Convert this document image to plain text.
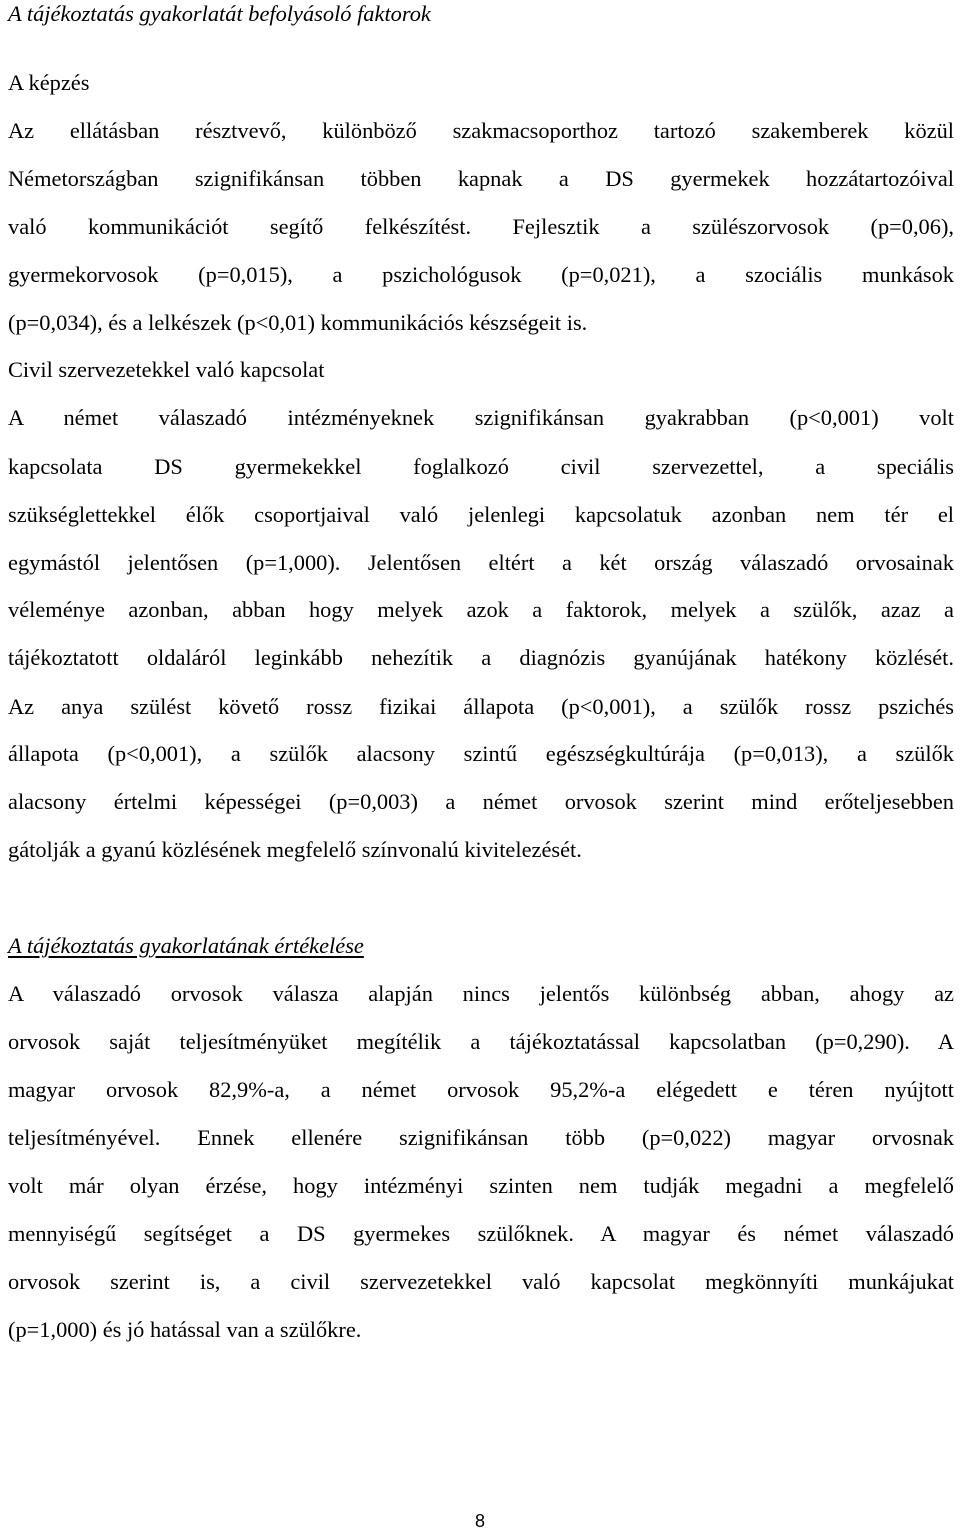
A tájékoztatás gyakorlatát befolyásoló faktorok
A képzés
Az ellátásban résztvevő, különböző szakmacsoporthoz tartozó szakemberek közül
Németországban szignifikánsan többen kapnak a DS gyermekek hozzátartozóival
való kommunikációt segítő felkészítést. Fejlesztik a szülészorvosok (p=0,06),
gyermekorvosok (p=0,015), a pszichológusok (p=0,021), a szociális munkások
(p=0,034), és a lelkészek (p<0,01) kommunikációs készségeit is.
Civil szervezetekkel való kapcsolat
A német válaszadó intézményeknek szignifikánsan gyakrabban (p<0,001) volt
kapcsolata DS gyermekekkel foglalkozó civil szervezettel, a speciális
szükséglettekkel élők csoportjaival való jelenlegi kapcsolatuk azonban nem tér el
egymástól jelentősen (p=1,000). Jelentősen eltért a két ország válaszadó orvosainak
véleménye azonban, abban hogy melyek azok a faktorok, melyek a szülők, azaz a
tájékoztatott oldaláról leginkább nehezítik a diagnózis gyanújának hatékony közlését.
Az anya szülést követő rossz fizikai állapota (p<0,001), a szülők rossz pszichés
állapota (p<0,001), a szülők alacsony szintű egészségkultúrája (p=0,013), a szülők
alacsony értelmi képességei (p=0,003) a német orvosok szerint mind erőteljesebben
gátolják a gyanú közlésének megfelelő színvonalú kivitelezését.
A tájékoztatás gyakorlatának értékelése
A válaszadó orvosok válasza alapján nincs jelentős különbség abban, ahogy az
orvosok saját teljesítményüket megítélik a tájékoztatással kapcsolatban (p=0,290). A
magyar orvosok 82,9%-a, a német orvosok 95,2%-a elégedett e téren nyújtott
teljesítményével. Ennek ellenére szignifikánsan több (p=0,022) magyar orvosnak
volt már olyan érzése, hogy intézményi szinten nem tudják megadni a megfelelő
mennyiségű segítséget a DS gyermekes szülőknek. A magyar és német válaszadó
orvosok szerint is, a civil szervezetekkel való kapcsolat megkönnyíti munkájukat
(p=1,000) és jó hatással van a szülőkre.
8
